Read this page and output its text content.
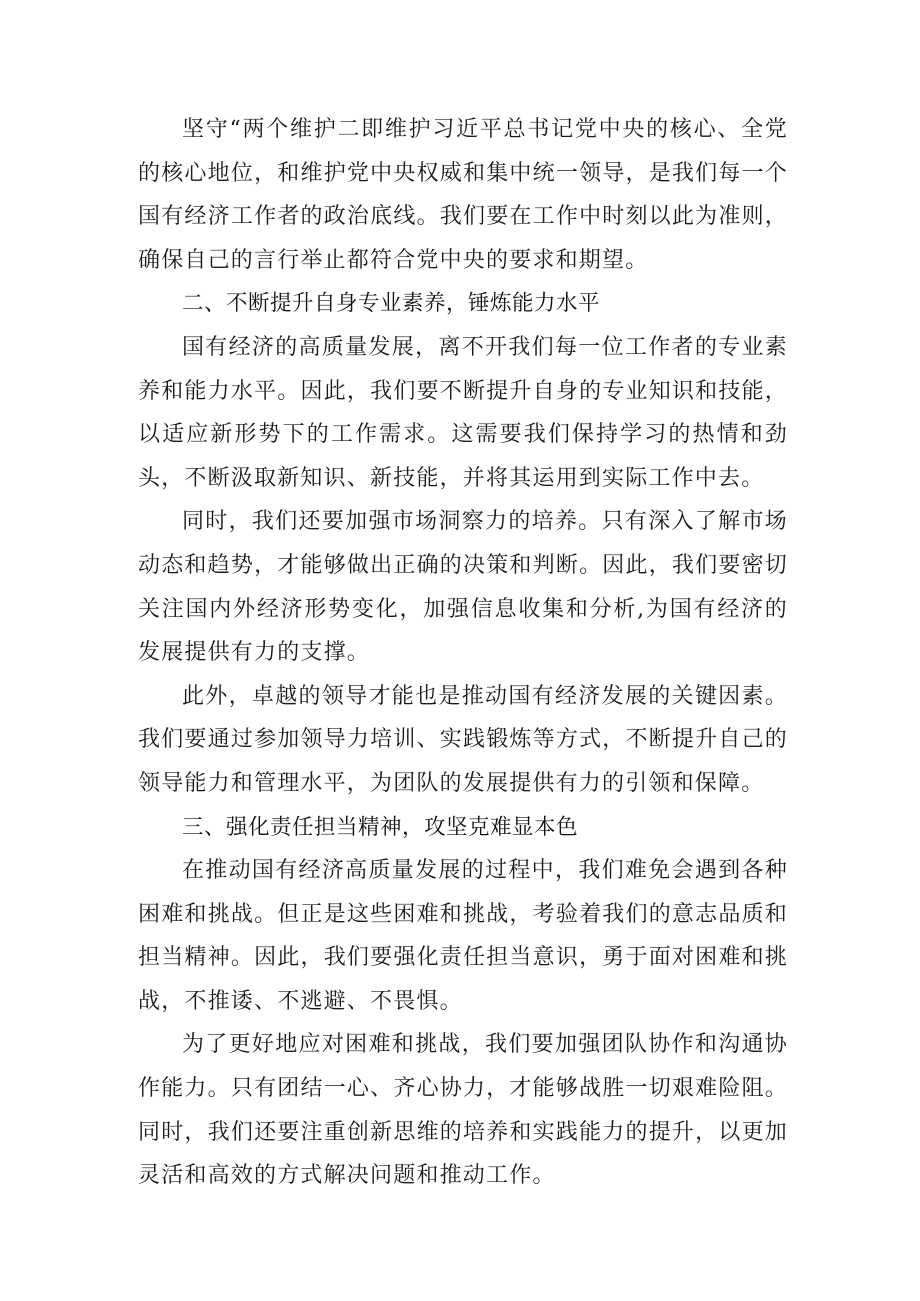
坚守“两个维护二即维护习近平总书记党中央的核心、全党的核心地位，和维护党中央权威和集中统一领导，是我们每一个国有经济工作者的政治底线。我们要在工作中时刻以此为准则，确保自己的言行举止都符合党中央的要求和期望。

二、不断提升自身专业素养，锤炼能力水平

国有经济的高质量发展，离不开我们每一位工作者的专业素养和能力水平。因此，我们要不断提升自身的专业知识和技能，以适应新形势下的工作需求。这需要我们保持学习的热情和劲头，不断汲取新知识、新技能，并将其运用到实际工作中去。

同时，我们还要加强市场洞察力的培养。只有深入了解市场动态和趋势，才能够做出正确的决策和判断。因此，我们要密切关注国内外经济形势变化，加强信息收集和分析,为国有经济的发展提供有力的支撑。

此外，卓越的领导才能也是推动国有经济发展的关键因素。我们要通过参加领导力培训、实践锻炼等方式，不断提升自己的领导能力和管理水平，为团队的发展提供有力的引领和保障。

三、强化责任担当精神，攻坚克难显本色

在推动国有经济高质量发展的过程中，我们难免会遇到各种困难和挑战。但正是这些困难和挑战，考验着我们的意志品质和担当精神。因此，我们要强化责任担当意识，勇于面对困难和挑战，不推诿、不逃避、不畏惧。

为了更好地应对困难和挑战，我们要加强团队协作和沟通协作能力。只有团结一心、齐心协力，才能够战胜一切艰难险阻。同时，我们还要注重创新思维的培养和实践能力的提升，以更加灵活和高效的方式解决问题和推动工作。
